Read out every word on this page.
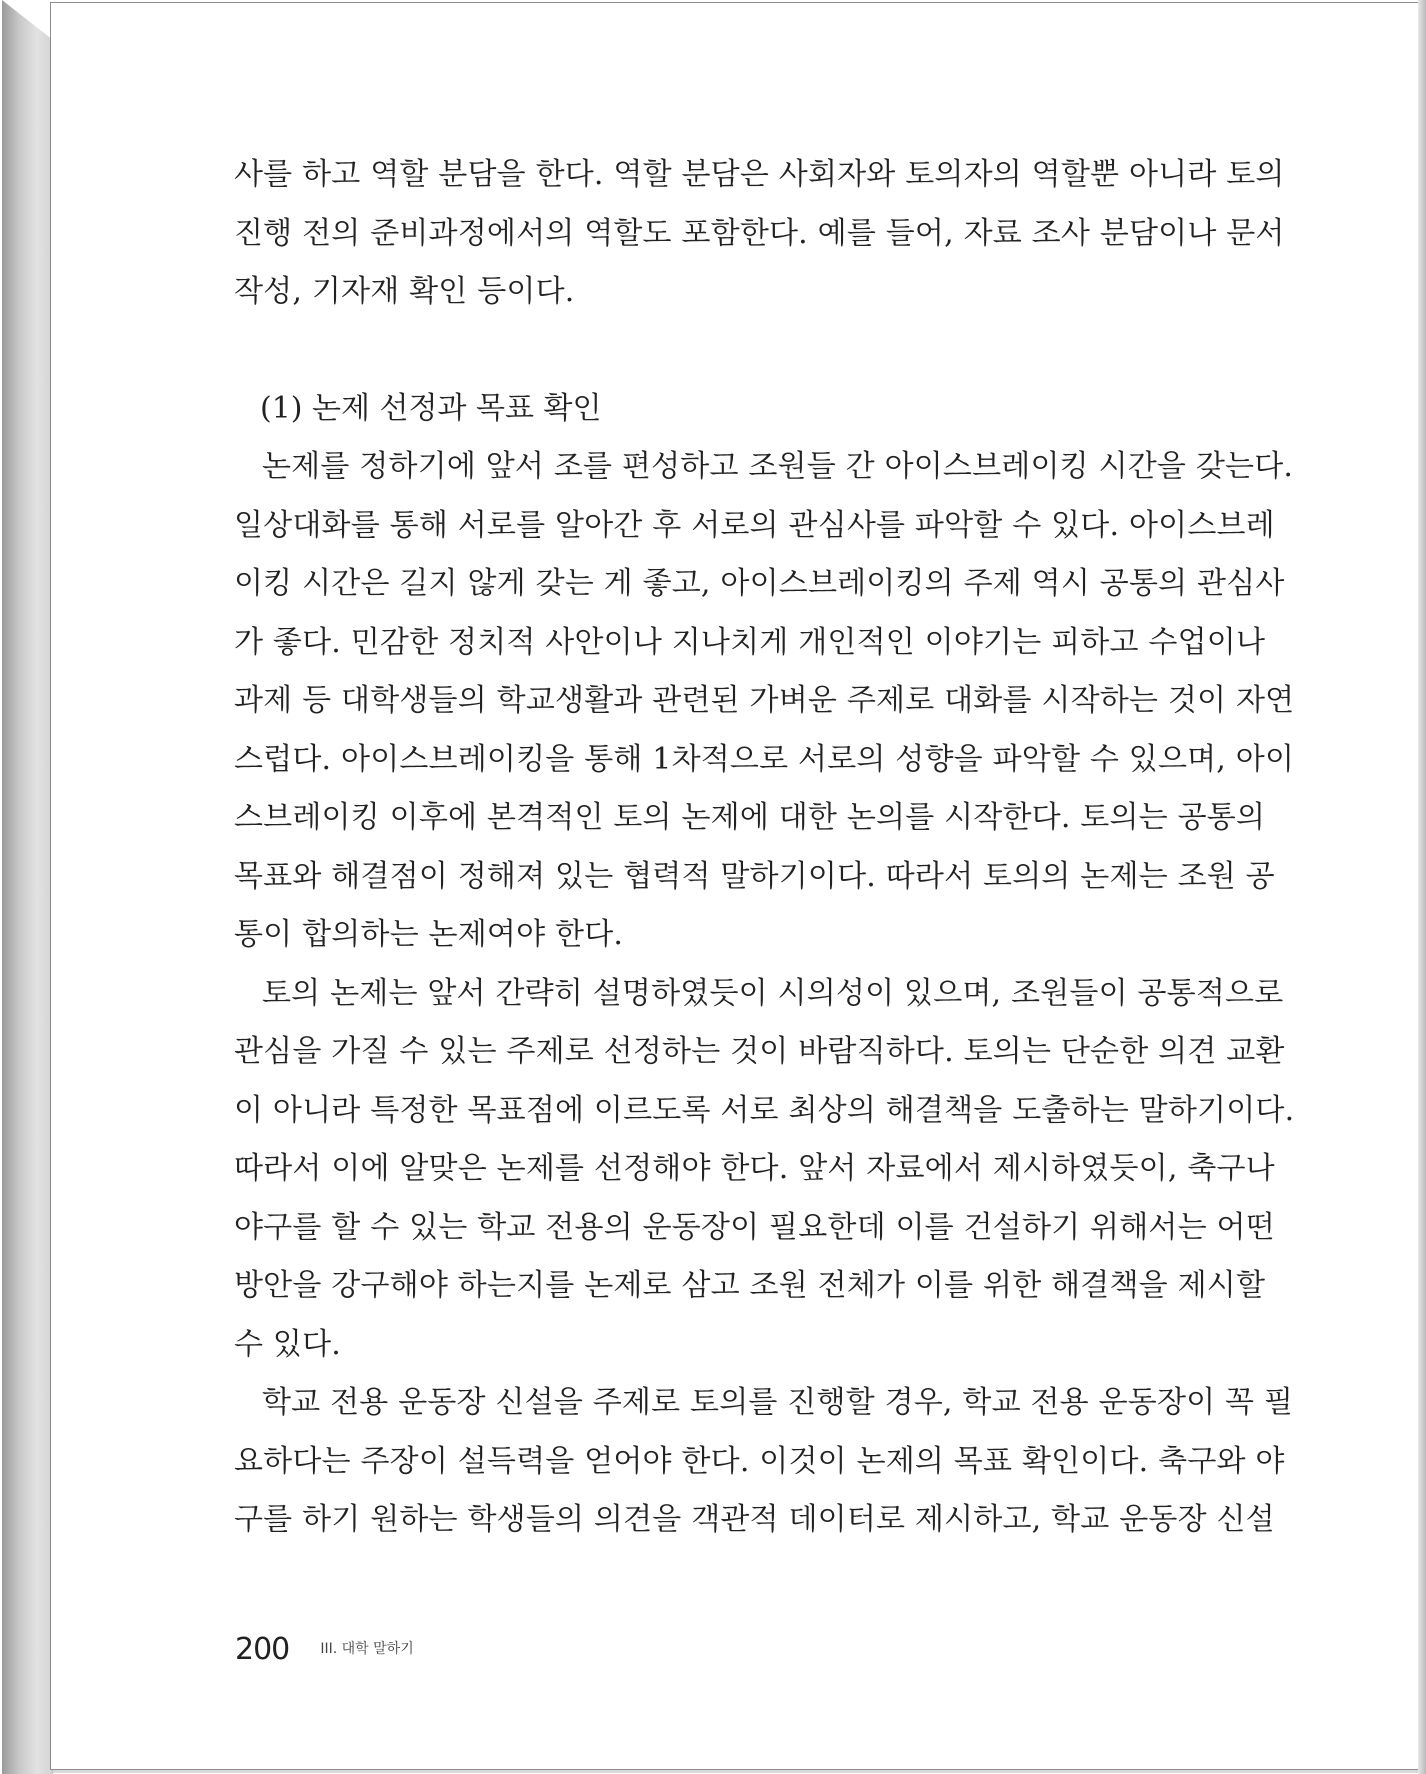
사를 하고 역할 분담을 한다. 역할 분담은 사회자와 토의자의 역할뿐 아니라 토의
진행 전의 준비과정에서의 역할도 포함한다. 예를 들어, 자료 조사 분담이나 문서
작성, 기자재 확인 등이다.
(1) 논제 선정과 목표 확인
논제를 정하기에 앞서 조를 편성하고 조원들 간 아이스브레이킹 시간을 갖는다.
일상대화를 통해 서로를 알아간 후 서로의 관심사를 파악할 수 있다. 아이스브레
이킹 시간은 길지 않게 갖는 게 좋고, 아이스브레이킹의 주제 역시 공통의 관심사
가 좋다. 민감한 정치적 사안이나 지나치게 개인적인 이야기는 피하고 수업이나
과제 등 대학생들의 학교생활과 관련된 가벼운 주제로 대화를 시작하는 것이 자연
스럽다. 아이스브레이킹을 통해 1차적으로 서로의 성향을 파악할 수 있으며, 아이
스브레이킹 이후에 본격적인 토의 논제에 대한 논의를 시작한다. 토의는 공통의
목표와 해결점이 정해져 있는 협력적 말하기이다. 따라서 토의의 논제는 조원 공
통이 합의하는 논제여야 한다.
토의 논제는 앞서 간략히 설명하였듯이 시의성이 있으며, 조원들이 공통적으로
관심을 가질 수 있는 주제로 선정하는 것이 바람직하다. 토의는 단순한 의견 교환
이 아니라 특정한 목표점에 이르도록 서로 최상의 해결책을 도출하는 말하기이다.
따라서 이에 알맞은 논제를 선정해야 한다. 앞서 자료에서 제시하였듯이, 축구나
야구를 할 수 있는 학교 전용의 운동장이 필요한데 이를 건설하기 위해서는 어떤
방안을 강구해야 하는지를 논제로 삼고 조원 전체가 이를 위한 해결책을 제시할
수 있다.
학교 전용 운동장 신설을 주제로 토의를 진행할 경우, 학교 전용 운동장이 꼭 필
요하다는 주장이 설득력을 얻어야 한다. 이것이 논제의 목표 확인이다. 축구와 야
구를 하기 원하는 학생들의 의견을 객관적 데이터로 제시하고, 학교 운동장 신설
200 III. 대학 말하기
